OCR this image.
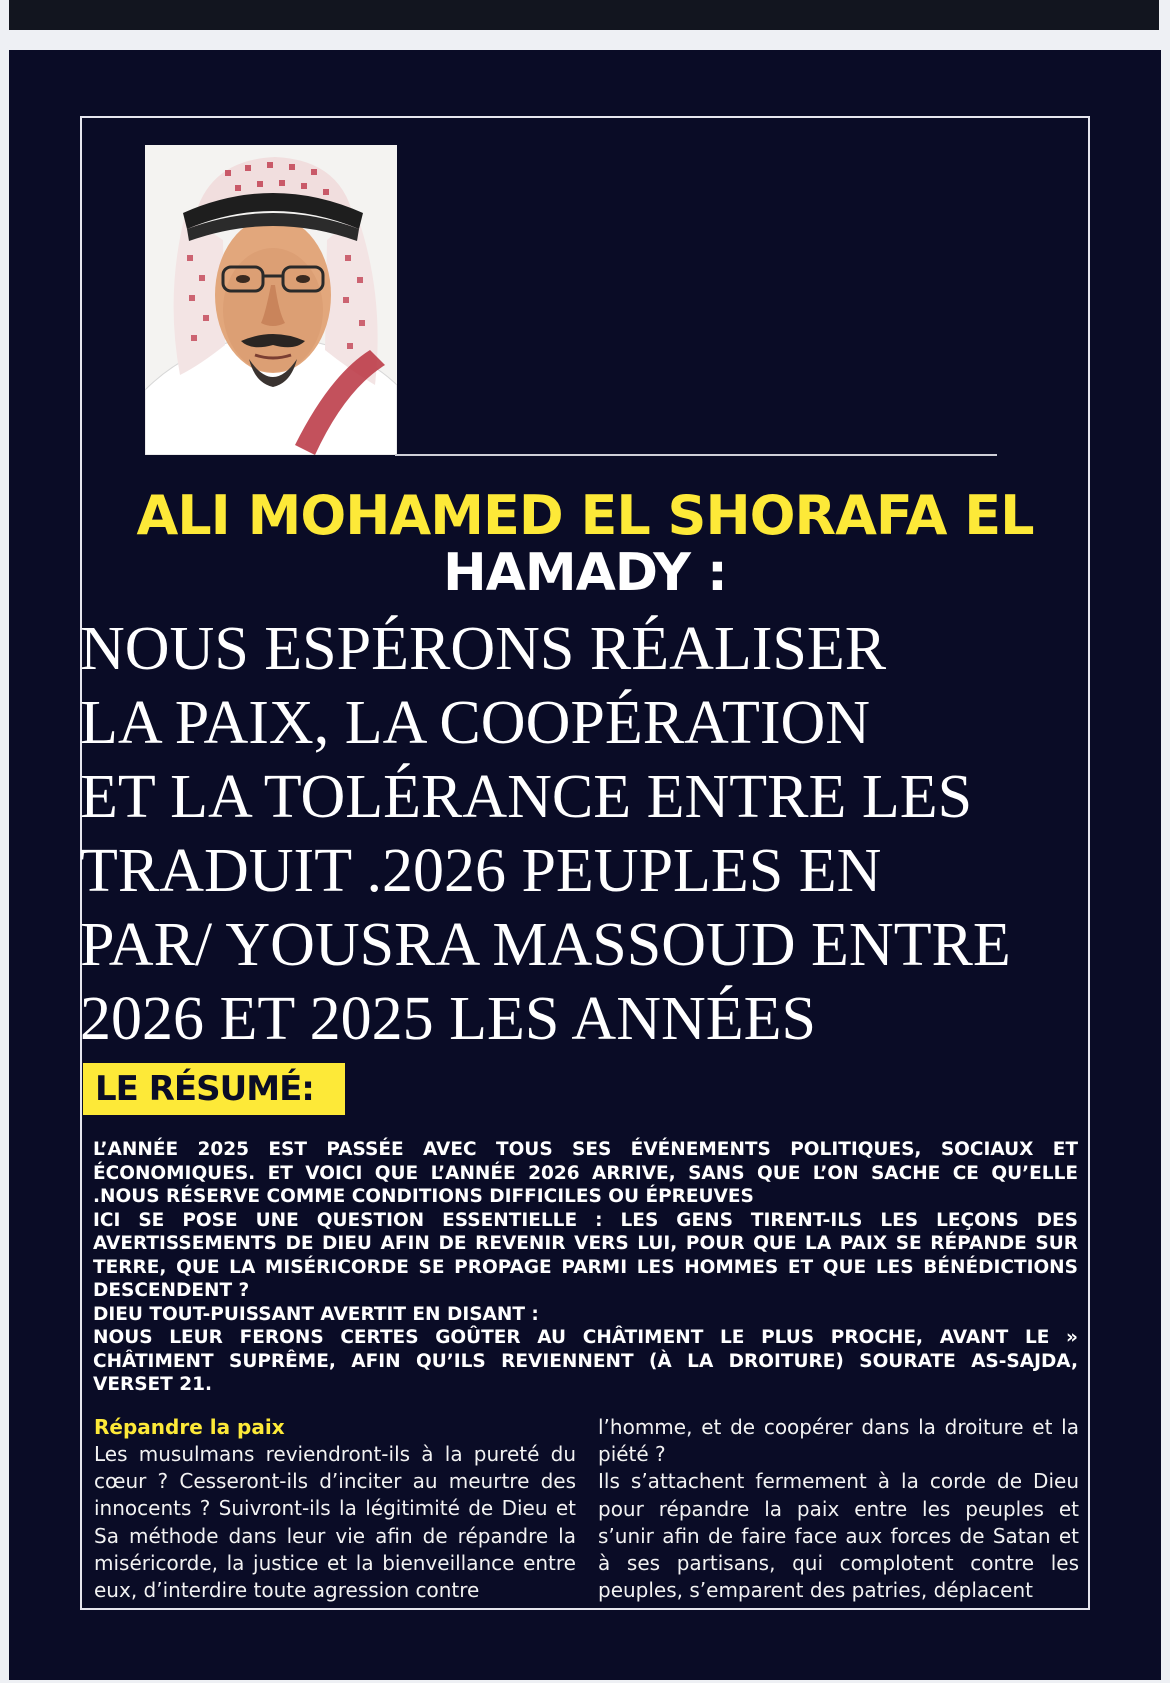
ALI MOHAMED EL SHORAFA EL
HAMADY :
NOUS ESPÉRONS RÉALISER
LA PAIX, LA COOPÉRATION
ET LA TOLÉRANCE ENTRE LES
TRADUIT .2026 PEUPLES EN
PAR/ YOUSRA MASSOUD ENTRE
2026 ET 2025 LES ANNÉES
LE RÉSUMÉ:

L’ANNÉE 2025 EST PASSÉE AVEC TOUS SES ÉVÉNEMENTS POLITIQUES, SOCIAUX ET ÉCONOMIQUES. ET VOICI QUE L’ANNÉE 2026 ARRIVE, SANS QUE L’ON SACHE CE QU’ELLE .NOUS RÉSERVE COMME CONDITIONS DIFFICILES OU ÉPREUVES

ICI SE POSE UNE QUESTION ESSENTIELLE : LES GENS TIRENT-ILS LES LEÇONS DES AVERTISSEMENTS DE DIEU AFIN DE REVENIR VERS LUI, POUR QUE LA PAIX SE RÉPANDE SUR TERRE, QUE LA MISÉRICORDE SE PROPAGE PARMI LES HOMMES ET QUE LES BÉNÉDICTIONS DESCENDENT ?

DIEU TOUT-PUISSANT AVERTIT EN DISANT :

NOUS LEUR FERONS CERTES GOÛTER AU CHÂTIMENT LE PLUS PROCHE, AVANT LE » CHÂTIMENT SUPRÊME, AFIN QU’ILS REVIENNENT (À LA DROITURE) SOURATE AS-SAJDA, VERSET 21.

Répandre la paix

Les musulmans reviendront-ils à la pureté du cœur ? Cesseront-ils d’inciter au meurtre des innocents ? Suivront-ils la légitimité de Dieu et Sa méthode dans leur vie afin de répandre la miséricorde, la justice et la bienveillance entre eux, d’interdire toute agression contre

l’homme, et de coopérer dans la droiture et la piété ?

Ils s’attachent fermement à la corde de Dieu pour répandre la paix entre les peuples et s’unir afin de faire face aux forces de Satan et à ses partisans, qui complotent contre les peuples, s’emparent des patries, déplacent
